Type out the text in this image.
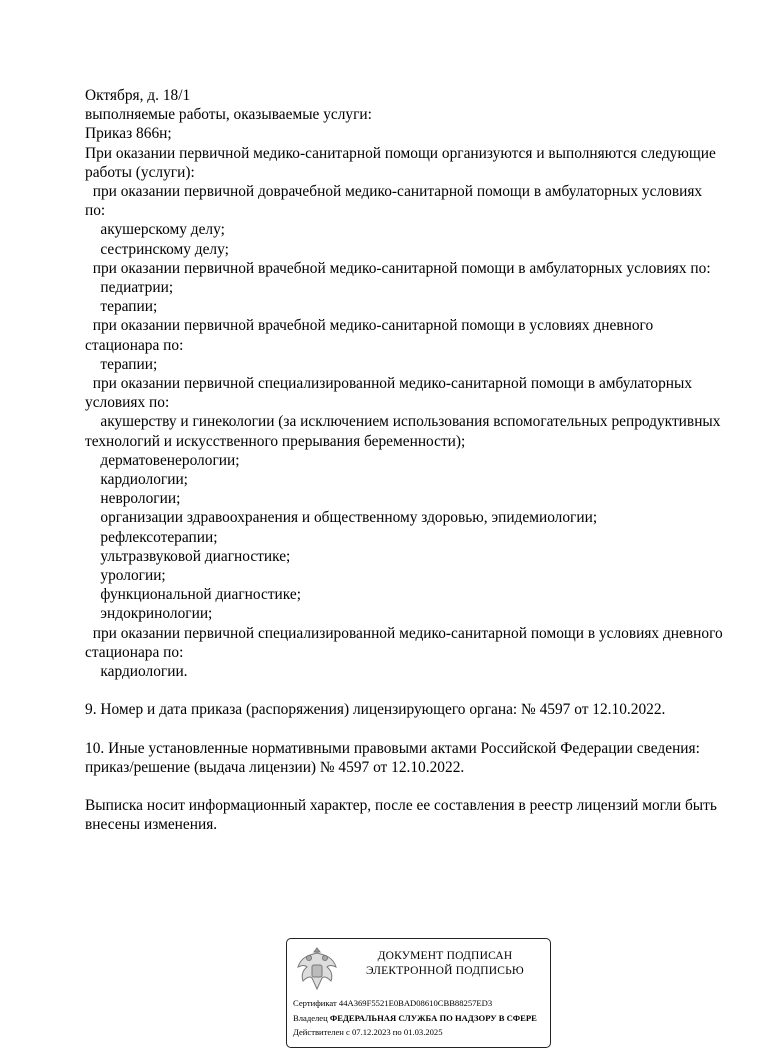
Октября, д. 18/1
выполняемые работы, оказываемые услуги:
Приказ 866н;
При оказании первичной медико-санитарной помощи организуются и выполняются следующие
работы (услуги):
при оказании первичной доврачебной медико-санитарной помощи в амбулаторных условиях
по:
акушерскому делу;
сестринскому делу;
при оказании первичной врачебной медико-санитарной помощи в амбулаторных условиях по:
педиатрии;
терапии;
при оказании первичной врачебной медико-санитарной помощи в условиях дневного
стационара по:
терапии;
при оказании первичной специализированной медико-санитарной помощи в амбулаторных
условиях по:
акушерству и гинекологии (за исключением использования вспомогательных репродуктивных
технологий и искусственного прерывания беременности);
дерматовенерологии;
кардиологии;
неврологии;
организации здравоохранения и общественному здоровью, эпидемиологии;
рефлексотерапии;
ультразвуковой диагностике;
урологии;
функциональной диагностике;
эндокринологии;
при оказании первичной специализированной медико-санитарной помощи в условиях дневного
стационара по:
кардиологии.
9. Номер и дата приказа (распоряжения) лицензирующего органа: № 4597 от 12.10.2022.
10. Иные установленные нормативными правовыми актами Российской Федерации сведения:
приказ/решение (выдача лицензии) № 4597 от 12.10.2022.
Выписка носит информационный характер, после ее составления в реестр лицензий могли быть
внесены изменения.
ДОКУМЕНТ ПОДПИСАН
ЭЛЕКТРОННОЙ ПОДПИСЬЮ
Сертификат 44A369F5521E0BAD08610CBB88257ED3
Владелец ФЕДЕРАЛЬНАЯ СЛУЖБА ПО НАДЗОРУ В СФЕРЕ
Действителен с 07.12.2023 по 01.03.2025
